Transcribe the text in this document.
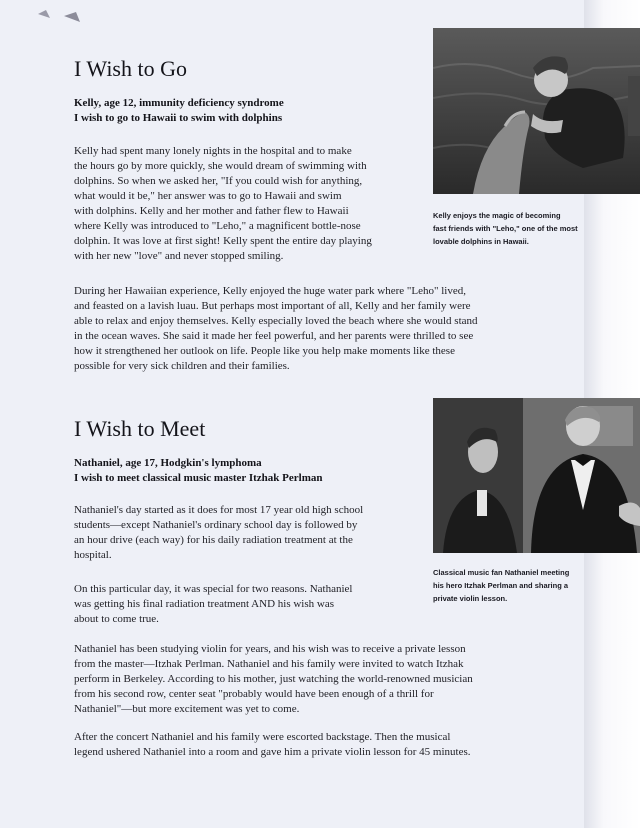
I Wish to Go
Kelly, age 12, immunity deficiency syndrome
I wish to go to Hawaii to swim with dolphins
Kelly had spent many lonely nights in the hospital and to make
the hours go by more quickly, she would dream of swimming with
dolphins. So when we asked her, "If you could wish for anything,
what would it be," her answer was to go to Hawaii and swim
with dolphins. Kelly and her mother and father flew to Hawaii
where Kelly was introduced to "Leho," a magnificent bottle-nose
dolphin. It was love at first sight! Kelly spent the entire day playing
with her new "love" and never stopped smiling.
During her Hawaiian experience, Kelly enjoyed the huge water park where "Leho" lived,
and feasted on a lavish luau. But perhaps most important of all, Kelly and her family were
able to relax and enjoy themselves. Kelly especially loved the beach where she would stand
in the ocean waves. She said it made her feel powerful, and her parents were thrilled to see
how it strengthened her outlook on life. People like you help make moments like these
possible for very sick children and their families.
Kelly enjoys the magic of becoming
fast friends with "Leho," one of the most
lovable dolphins in Hawaii.
I Wish to Meet
Nathaniel, age 17, Hodgkin's lymphoma
I wish to meet classical music master Itzhak Perlman
Nathaniel's day started as it does for most 17 year old high school
students—except Nathaniel's ordinary school day is followed by
an hour drive (each way) for his daily radiation treatment at the
hospital.
On this particular day, it was special for two reasons. Nathaniel
was getting his final radiation treatment AND his wish was
about to come true.
Nathaniel has been studying violin for years, and his wish was to receive a private lesson
from the master—Itzhak Perlman. Nathaniel and his family were invited to watch Itzhak
perform in Berkeley. According to his mother, just watching the world-renowned musician
from his second row, center seat "probably would have been enough of a thrill for
Nathaniel"—but more excitement was yet to come.
After the concert Nathaniel and his family were escorted backstage. Then the musical
legend ushered Nathaniel into a room and gave him a private violin lesson for 45 minutes.
Classical music fan Nathaniel meeting
his hero Itzhak Perlman and sharing a
private violin lesson.
